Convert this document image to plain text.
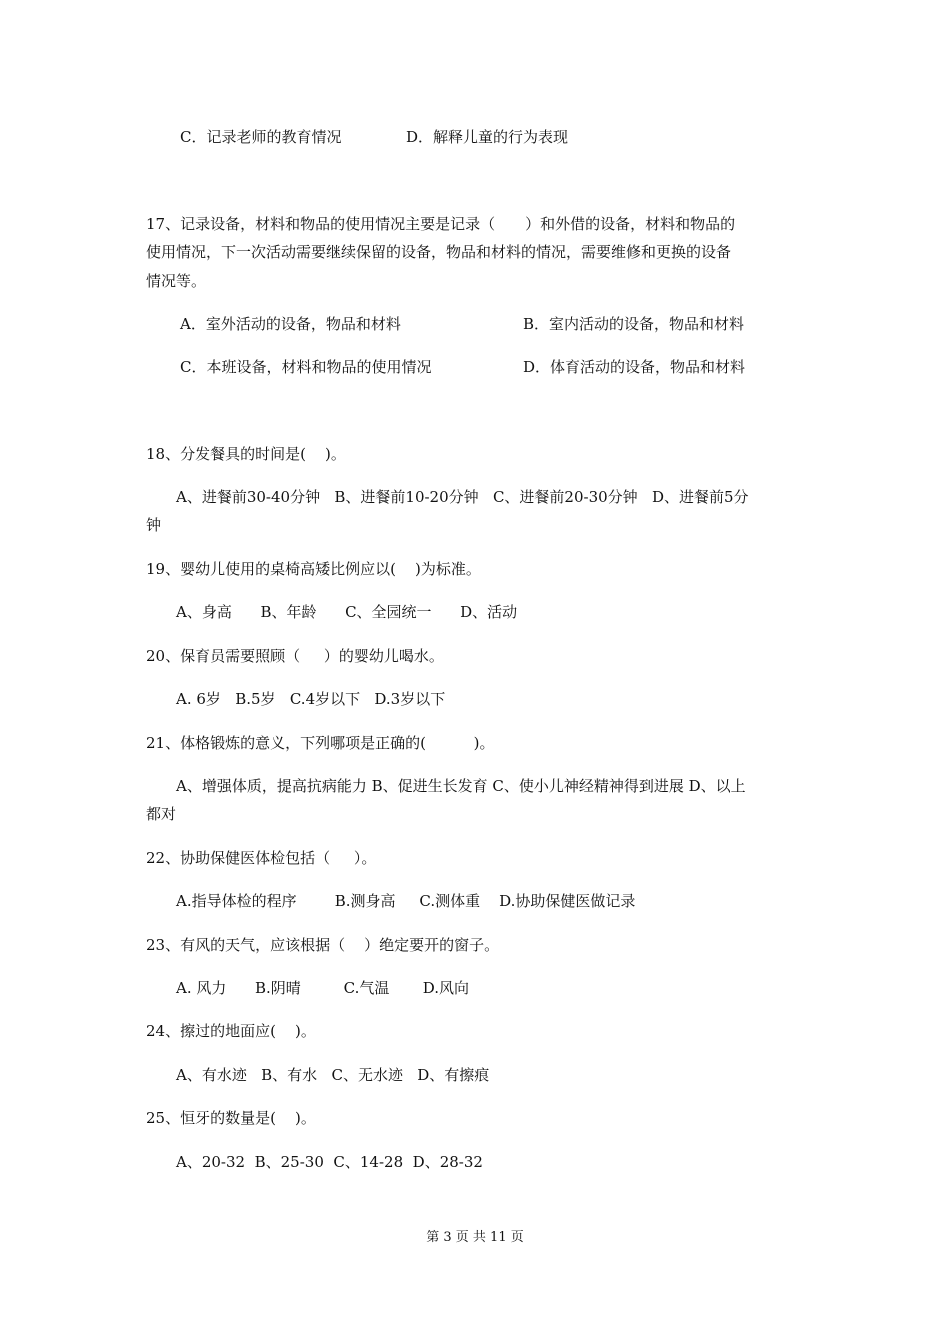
C．记录老师的教育情况	D．解释儿童的行为表现
17、记录设备，材料和物品的使用情况主要是记录（　　）和外借的设备，材料和物品的
使用情况，下一次活动需要继续保留的设备，物品和材料的情况，需要维修和更换的设备
情况等。
A．室外活动的设备，物品和材料	B．室内活动的设备，物品和材料
C．本班设备，材料和物品的使用情况	D．体育活动的设备，物品和材料
18、分发餐具的时间是(    )。
A、进餐前30-40分钟   B、进餐前10-20分钟   C、进餐前20-30分钟   D、进餐前5分
钟
19、婴幼儿使用的桌椅高矮比例应以(    )为标准。
A、身高      B、年龄      C、全园统一      D、活动
20、保育员需要照顾（     ）的婴幼儿喝水。
A. 6岁   B.5岁   C.4岁以下   D.3岁以下
21、体格锻炼的意义，下列哪项是正确的(          )。
A、增强体质，提高抗病能力 B、促进生长发育 C、使小儿神经精神得到进展 D、以上
都对
22、协助保健医体检包括（     ）。
A.指导体检的程序        B.测身高     C.测体重    D.协助保健医做记录
23、有风的天气，应该根据（    ）绝定要开的窗子。
A. 风力      B.阴晴         C.气温       D.风向
24、擦过的地面应(    )。
A、有水迹   B、有水   C、无水迹   D、有擦痕
25、恒牙的数量是(    )。
A、20-32  B、25-30  C、14-28  D、28-32
第 3 页 共 11 页
